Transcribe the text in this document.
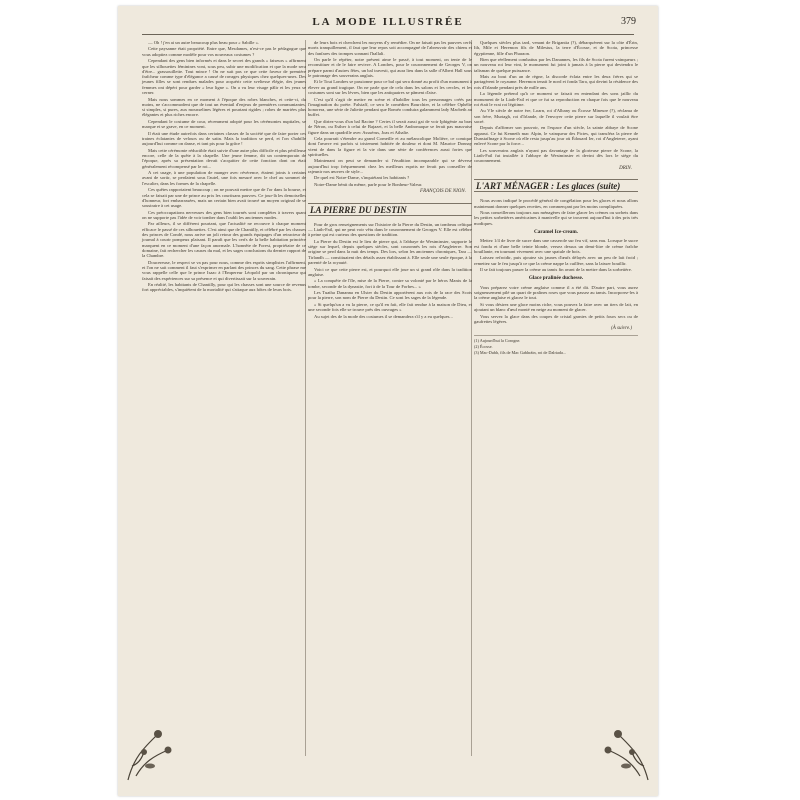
LA MODE ILLUSTRÉE	379

— Oh ! j'en ai un autre beaucoup plus beau pour « Sabille ».

Cette paysanne était propriété. Entre que, Mesdames, n'est-ce pas le pédagogue que vous adoptiez comme modèle pour vos nouveaux costumes ?

Cependant des gens bien informés et dans le secret des grands « faiseurs » affirment que les silhouettes féminines vont, sous peu, subir une modification et que la mode sera d'être... grassouillette. Tout mince ! On ne suit pas ce que cette faveur de première fraîcheur comme type d'élégance a causé de ravages physiques chez quelques-unes. Des jeunes filles se sont rendues malades pour acquérir cette sveltesse élégie, des jeunes femmes ont dépéri pour garder « leur ligne ». On a vu leur visage pâlir et les yeux se cerner.

Mais nous sommes en ce moment à l'époque des robes blanches, et cette-ci, du moins, ne s'accommodent que de tout un éventail d'enjeux de premières communiantes, si simples, si pures, aux mousselines légères et pourtant rigides ; robes de mariées plus élégantes et plus riches encore.

Cependant le costume de cour, récemment adopté pour les cérémonies nuptiales, se marque et se grave, en ce moment.

Il était une étude autrefois dans certaines classes de la société que de faire porter ces traines éclatantes de velours ou de satin. Mais la tradition se perd, et l'on s'habille aujourd'hui comme on danse, et tant pis pour la grâce !

Mais cette cérémonie réductible était suivie d'une autre plus difficile et plus périlleuse encore, celle de la quête à la chapelle. Une jeune femme, dit un contemporain de l'époque, après sa présentation devait s'acquitter de cette fonction dont on était généralement récompensé par le roi...

A cet usage, à une population de manger avec révérence, étaient joints à certains avant de sortir, se perdaient sous l'autel, une fois mesuré avec le chef au sommet de l'escalier, dans les formes de la chapelle.

Ces quêtes rapportaient beaucoup ; on ne pouvait mettre que de l'or dans la bourse, et cela se faisait par une de prince au prix les courtisans pauvres. Ce jour-là les demoiselles d'honneur, fort embarrassées, mais un certain bien avait trouvé un moyen original de se soustraire à cet usage.

Ces préoccupations nerveuses des gens bien tournés sont complètes à travers quant on ne supporte pas l'idée de voir tomber dans l'oubli les anciennes modes.

Par ailleurs, il se différent pourtant, que l'actualité ne recouvre à chaque moment efficace le passé de ces silhouettes. C'est ainsi que de Chantilly, et célébré par les chasses des princes de Condé, nous arrive un joli retour des grands équipages d'un retracteur de journal à courir pompeux plaisant. Il paraît que les cerfs de la belle habitation princière marquent en ce moment d'une façon anormale. L'honnête de Forest, propriétaire de ce domaine, fait rechercher les causes du mal, et les sages conclusions du dernier rapport de la Chambre.

Doucereuse, le respect se va pas pour nous, comme des esprits simplistes l'affirment, et l'on ne sait comment il faut s'exprimer en parlant des princes du sang. Cette phrase me vous rappelle celle que le prince Isaac à l'Empereur Léopold par un chroniqueur qui faisait des expériences sur sa présence et qui divertissait sur la souverain.

En réalité, les habitants de Chantilly, pour qui les chasses sont une source de revenus fort appréciables, s'inquiètent de la mortalité qui s'attaque aux hôtes de leurs bois.

de leurs bois et cherchent les moyens d'y remédier. On ne faisait pas les pauvres cerfs morts tranquillement, il faut que leur repos soit accompagné de l'abreuvoir des chiens et des fanfares des trompes sonnant l'hallali.

On parle le répéter, notre présent aime le passé, à tout moment, on tente de le reconstituer et de le faire revivre. A Londres, pour le couronnement de Georges V, on prépare parmi d'autres fêtes, un bal travesti, qui aura lieu dans la salle d'Albert Hall sous le patronage des souverains anglais.

Et le Tout Londres se passionne pour ce bal qui sera donné au profit d'un monument à élever au grand tragique. On ne parle que de cela dans les salons et les cercles, et les costumes sont sur les lèvres, bien que les antiquaires se pâment d'aise.

C'est qu'il s'agit de mettre en scène et d'habiller tous les personnages créés par l'imagination du poète. Falstaff, ce sera le comédien Bourchier, et la célèbre Ophélie honorera, une série de Juliette pendant que Roméo conduira galamment lady Macbeth au buffet.

Que diriez-vous d'un bal Racine ? Certes il serait aussi gai de voir Iphigénie au bras de Néron, ou Esther à celui de Bajazet, et la belle Andromaque se ferait pas mauvaise figure dans un quadrille avec Assuérus, Joas et Athalie.

Cela pourrait s'étendre au grand Corneille et au mélancolique Molière, ce comique dont l'œuvre est parfois si tristement habitée de douleur et dont M. Maurice Donnay vient de dans la figure et la vie dans une série de conférences aussi fortes que spirituelles.

Maintenant on peut se demander si l'érudition incomparable qui se déverse aujourd'hui trop fréquemment chez les meilleurs esprits ne ferait pas conseiller de rajeunir nos œuvres de style...

De quel est Notre-Dame, s'inquiétant les habitants ?

Notre-Dame bénit du même, parle pour le Bonheur-Valeur.

FRANÇOIS DE NION.
LA PIERRE DU DESTIN

Pour de gros renseignements sur l'histoire de la Pierre du Destin, un tombeau celtique — Liath-Fail, qui ne peut voir vêtu dans le couronnement de Georges V. Elle est célèbre à peine qui est curieux des questions de tradition.

La Pierre du Destin est le lieu de pierre qui, à l'abbaye de Westminster, supporte le siège sur lequel, depuis quelques siècles, sont couronnés les rois d'Angleterre. Son origine se perd dans la nuit des temps. Des lors, selon les anciennes chroniques, Tara — Tirlandh — constituaient des détails assez établissant à. Elle seule une seule époque, à la parenté de la royauté.

Voici ce que cette pierre est, et pourquoi elle joue un si grand rôle dans la tradition anglaise.

« La conquête de l'île, mise de la Pierre, contre sa volonté par le héros Manix de la tombe, seconde de la dynastie, fort à de la Tour de Forbes... »

Les Tuatha Dananna en Ulster du Destin apportèrent aux rois de la race des Scots pour la pierre, son nom de Pierre du Destin. Ce sont les sages de la légende.

« Si quelqu'un a vu la pierre, ce qu'il en fait, elle fait rendue à la maison de Dieu, et une seconde fois elle se trouve près des ouvrages »

Au sujet des de la mode des costumes il se demandera s'il y a eu quelques...

Quelques siècles plus tard, venant de Brigantia (?), débarquèrent sur la côte d'Érin, Ith, Mile et Heremon fils de Milesius, la terre d'Écosse, et de Scota, princesse égyptienne, fille d'un Pharaon.

Bien que réellement combattus par les Danannes, les fils de Scota furent vainqueurs ; un nouveau roi leur vint, le monument fut joint à jamais à la pierre qui deviendra le talisman de quelque puissance.

Mais au bout d'un an de règne, la discorde éclata entre les deux frères qui se partagèrent le royaume. Heremon tenait le nord et fonda Tara, qui devint la résidence des rois d'Irlande pendant près de mille ans.

La légende prétend qu'à ce moment se faisait en entendant des sons jaillir du monument de la Liath-Fail et que ce fut sa reproduction en chaque fois que le nouveau roi était le vrai roi légitime.

Au VIe siècle de notre ère, Loarn, roi d'Albany ou Écosse Mineure (?), réclama de son frère, Murtagh, roi d'Irlande, de l'envoyer cette pierre sur laquelle il voulait être sacré.

Depuis d'affirmer son pouvoir, en l'espace d'un siècle, la sainte abbaye de Scone apparut. Ce fut Kenneth mac Alpin, le vainqueur des Pictes, qui transféra la pierre de Dunstaffnage à Scone où elle resta jusqu'au jour où Édouard Ier, roi d'Angleterre, ayant enlevé Scone par la force...

Les souverains anglais n'ayant pas davantage de la glorieuse pierre de Scone, la Liath-Fail fut installée à l'abbaye de Westminster et devint dès lors le siège du couronnement.

DRIN.
L'ART MÉNAGER : Les glaces (suite)

Nous avons indiqué le procédé général de congélation pour les glaces et nous allons maintenant donner quelques recettes, en commençant par les moins compliquées.

Nous conseillerons toujours aux ménagères de faire glacer les crèmes ou sorbets dans les petites sorbetières américaines à manivelle qui se trouvent aujourd'hui à des prix très modiques.

Caramel Ice-cream.

Mettez 1/4 de livre de sucre dans une casserole sur feu vif, sans eau. Lorsque le sucre est fondu et d'une belle teinte blonde, versez dessus un demi-litre de crème fraîche bouillante, en tournant vivement avec une spatule de bois.

Laissez refroidir, puis ajoutez six jaunes d'œufs délayés avec un peu de lait froid ; remettez sur le feu jusqu'à ce que la crème nappe la cuillère, sans la laisser bouillir.

Il se fait toujours passer la crème au tamis fin avant de la mettre dans la sorbetière.

Glace pralinée duchesse.

Vous préparez votre crème anglaise comme il a été dit. D'autre part, vous aurez soigneusement pilé un quart de pralines roses que vous passez au tamis. Incorporez-les à la crème anglaise et glacez le tout.

Si vous désirez une glace moins riche, vous pouvez la faire avec un tiers de lait, en ajoutant un blanc d'œuf monté en neige au moment de glacer.

Vous servez la glace dans des coupes de cristal garnies de petits fours secs ou de gaufrettes légères.

(À suivre.)
(1) Aujourd'hui la Corogne.
(2) Écosse.
(3) Mac-Dubh, fils de Mac Gabhráin, roi de Dalriada...
